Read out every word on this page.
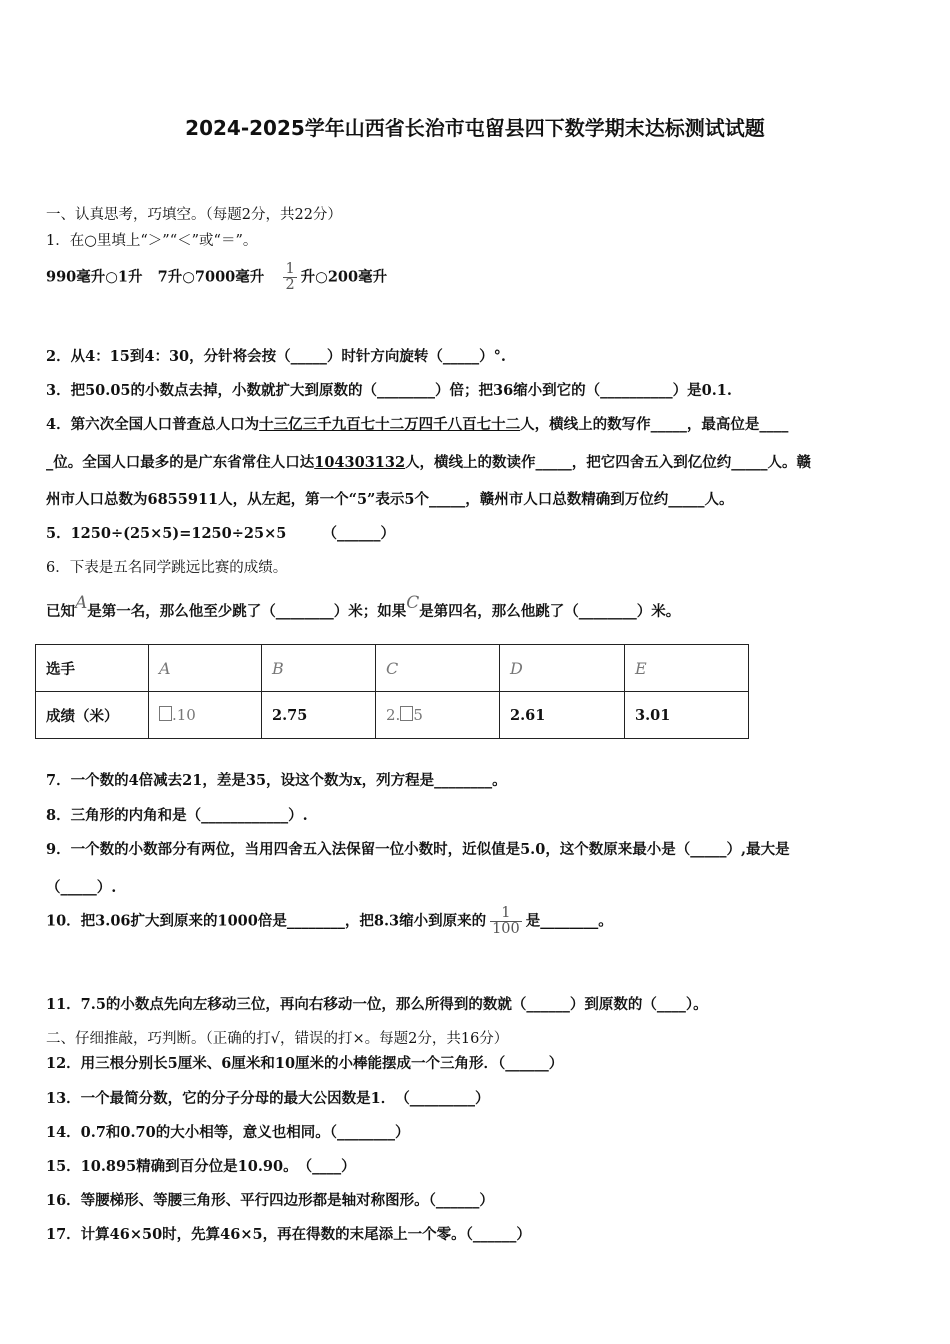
2024-2025学年山西省长治市屯留县四下数学期末达标测试试题
一、认真思考，巧填空。（每题2分，共22分）
1．在○里填上“＞”“＜”或“＝”。
990毫升○1升 7升○7000毫升 $\frac{1}{2}$ 升○200毫升
2．从4：15到4：30，分针将会按（_____）时针方向旋转（_____）°.
3．把50.05的小数点去掉，小数就扩大到原数的（________）倍；把36缩小到它的（__________）是0.1.
4．第六次全国人口普查总人口为十三亿三千九百七十二万四千八百七十二人，横线上的数写作_____，最高位是____
_位。全国人口最多的是广东省常住人口达104303132人，横线上的数读作_____，把它四舍五入到亿位约_____人。赣
州市人口总数为6855911人，从左起，第一个“5”表示5个_____，赣州市人口总数精确到万位约_____人。
5．1250÷(25×5)=1250÷25×5　　　（______）
6．下表是五名同学跳远比赛的成绩。
已知A是第一名，那么他至少跳了（________）米；如果C是第四名，那么他跳了（________）米。
选手	A	B	C	D	E
成绩（米）	.10	2.75	2. 5	2.61	3.01
7．一个数的4倍减去21，差是35，设这个数为x，列方程是________。
8．三角形的内角和是（____________）.
9．一个数的小数部分有两位，当用四舍五入法保留一位小数时，近似值是5.0，这个数原来最小是（_____）,最大是
（_____）.
10．把3.06扩大到原来的1000倍是________，把8.3缩小到原来的 $\frac{1}{100}$ 是________。
11．7.5的小数点先向左移动三位，再向右移动一位，那么所得到的数就（______）到原数的（____）。
二、仔细推敲，巧判断。（正确的打√，错误的打×。每题2分，共16分）
12．用三根分别长5厘米、6厘米和10厘米的小棒能摆成一个三角形．（______）
13．一个最简分数，它的分子分母的最大公因数是1．　（_________）
14．0.7和0.70的大小相等，意义也相同。（________）
15．10.895精确到百分位是10.90。　（____）
16．等腰梯形、等腰三角形、平行四边形都是轴对称图形。（______）
17．计算46×50时，先算46×5，再在得数的末尾添上一个零。（______）
